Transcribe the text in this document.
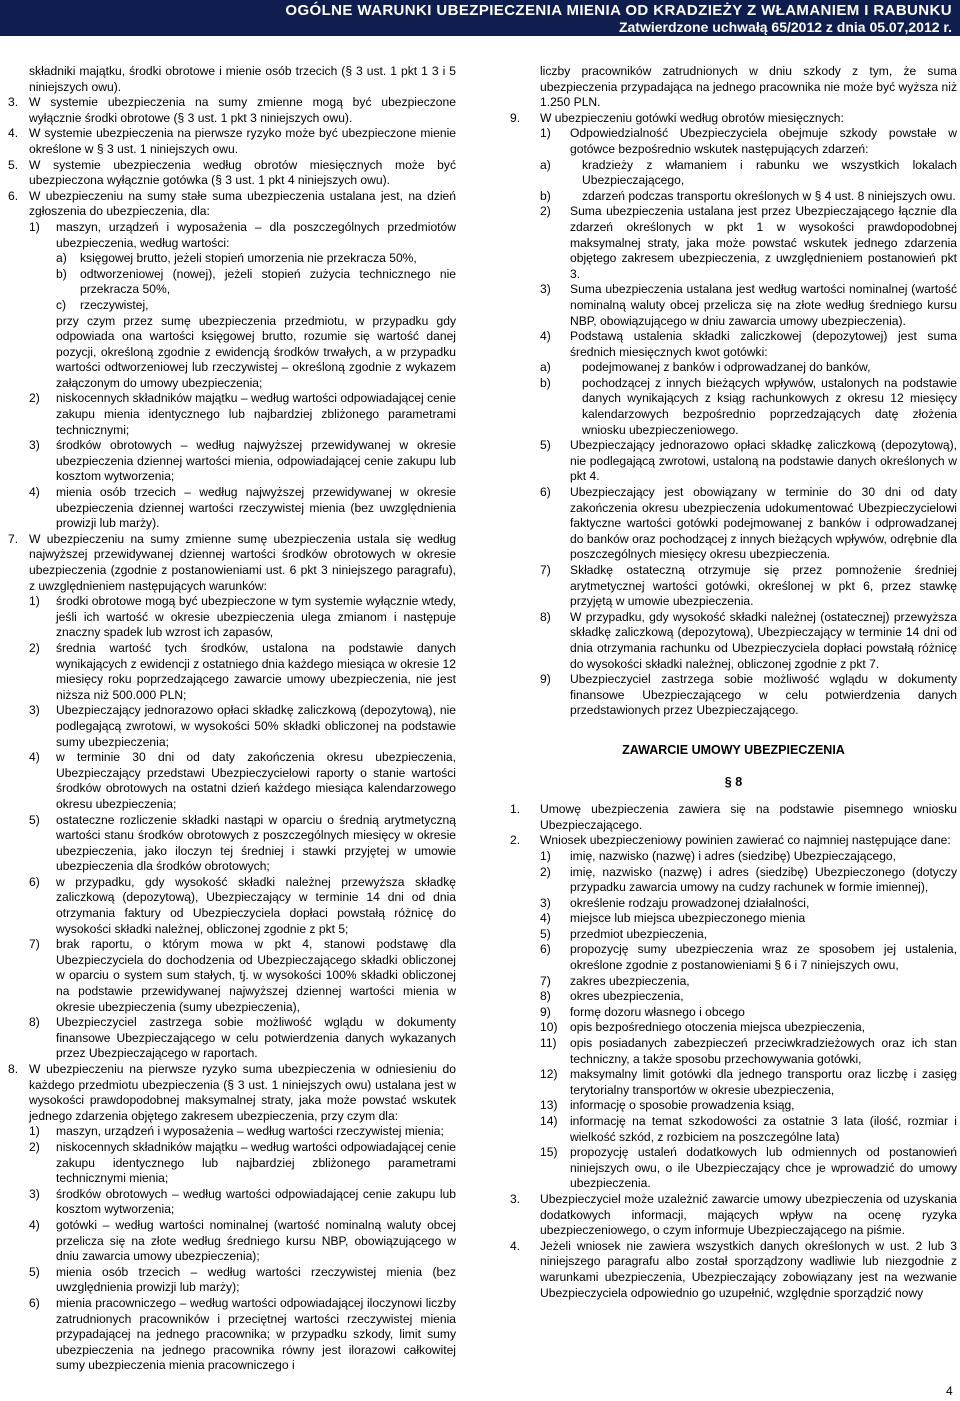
OGÓLNE WARUNKI UBEZPIECZENIA MIENIA OD KRADZIEŻY Z WŁAMANIEM I RABUNKU
Zatwierdzone uchwałą 65/2012 z dnia 05.07,2012 r.

składniki majątku, środki obrotowe i mienie osób trzecich (§ 3 ust. 1 pkt 1 3 i 5 niniejszych owu).

3. W systemie ubezpieczenia na sumy zmienne mogą być ubezpieczone wyłącznie środki obrotowe (§ 3 ust. 1 pkt 3 niniejszych owu).

4. W systemie ubezpieczenia na pierwsze ryzyko może być ubezpieczone mienie określone w § 3 ust. 1 niniejszych owu.

5. W systemie ubezpieczenia według obrotów miesięcznych może być ubezpieczona wyłącznie gotówka (§ 3 ust. 1 pkt 4 niniejszych owu).

6. W ubezpieczeniu na sumy stałe suma ubezpieczenia ustalana jest, na dzień zgłoszenia do ubezpieczenia, dla:

1) maszyn, urządzeń i wyposażenia – dla poszczególnych przedmiotów ubezpieczenia, według wartości:

a) księgowej brutto, jeżeli stopień umorzenia nie przekracza 50%,

b) odtworzeniowej (nowej), jeżeli stopień zużycia technicznego nie przekracza 50%,

c) rzeczywistej,

przy czym przez sumę ubezpieczenia przedmiotu, w przypadku gdy odpowiada ona wartości księgowej brutto, rozumie się wartość danej pozycji, określoną zgodnie z ewidencją środków trwałych, a w przypadku wartości odtworzeniowej lub rzeczywistej – określoną zgodnie z wykazem załączonym do umowy ubezpieczenia;

2) niskocennych składników majątku – według wartości odpowiadającej cenie zakupu mienia identycznego lub najbardziej zbliżonego parametrami technicznymi;

3) środków obrotowych – według najwyższej przewidywanej w okresie ubezpieczenia dziennej wartości mienia, odpowiadającej cenie zakupu lub kosztom wytworzenia;

4) mienia osób trzecich – według najwyższej przewidywanej w okresie ubezpieczenia dziennej wartości rzeczywistej mienia (bez uwzględnienia prowizji lub marży).

7. W ubezpieczeniu na sumy zmienne sumę ubezpieczenia ustala się według najwyższej przewidywanej dziennej wartości środków obrotowych w okresie ubezpieczenia (zgodnie z postanowieniami ust. 6 pkt 3 niniejszego paragrafu), z uwzględnieniem następujących warunków:

1) środki obrotowe mogą być ubezpieczone w tym systemie wyłącznie wtedy, jeśli ich wartość w okresie ubezpieczenia ulega zmianom i następuje znaczny spadek lub wzrost ich zapasów,

2) średnia wartość tych środków, ustalona na podstawie danych wynikających z ewidencji z ostatniego dnia każdego miesiąca w okresie 12 miesięcy roku poprzedzającego zawarcie umowy ubezpieczenia, nie jest niższa niż 500.000 PLN;

3) Ubezpieczający jednorazowo opłaci składkę zaliczkową (depozytową), nie podlegającą zwrotowi, w wysokości 50% składki obliczonej na podstawie sumy ubezpieczenia;

4) w terminie 30 dni od daty zakończenia okresu ubezpieczenia, Ubezpieczający przedstawi Ubezpieczycielowi raporty o stanie wartości środków obrotowych na ostatni dzień każdego miesiąca kalendarzowego okresu ubezpieczenia;

5) ostateczne rozliczenie składki nastąpi w oparciu o średnią arytmetyczną wartości stanu środków obrotowych z poszczególnych miesięcy w okresie ubezpieczenia, jako iloczyn tej średniej i stawki przyjętej w umowie ubezpieczenia dla środków obrotowych;

6) w przypadku, gdy wysokość składki należnej przewyższa składkę zaliczkową (depozytową), Ubezpieczający w terminie 14 dni od dnia otrzymania faktury od Ubezpieczyciela dopłaci powstałą różnicę do wysokości składki należnej, obliczonej zgodnie z pkt 5;

7) brak raportu, o którym mowa w pkt 4, stanowi podstawę dla Ubezpieczyciela do dochodzenia od Ubezpieczającego składki obliczonej w oparciu o system sum stałych, tj. w wysokości 100% składki obliczonej na podstawie przewidywanej najwyższej dziennej wartości mienia w okresie ubezpieczenia (sumy ubezpieczenia),

8) Ubezpieczyciel zastrzega sobie możliwość wglądu w dokumenty finansowe Ubezpieczającego w celu potwierdzenia danych wykazanych przez Ubezpieczającego w raportach.

8. W ubezpieczeniu na pierwsze ryzyko suma ubezpieczenia w odniesieniu do każdego przedmiotu ubezpieczenia (§ 3 ust. 1 niniejszych owu) ustalana jest w wysokości prawdopodobnej maksymalnej straty, jaka może powstać wskutek jednego zdarzenia objętego zakresem ubezpieczenia, przy czym dla:

1) maszyn, urządzeń i wyposażenia – według wartości rzeczywistej mienia;

2) niskocennych składników majątku – według wartości odpowiadającej cenie zakupu identycznego lub najbardziej zbliżonego parametrami technicznymi mienia;

3) środków obrotowych – według wartości odpowiadającej cenie zakupu lub kosztom wytworzenia;

4) gotówki – według wartości nominalnej (wartość nominalną waluty obcej przelicza się na złote według średniego kursu NBP, obowiązującego w dniu zawarcia umowy ubezpieczenia);

5) mienia osób trzecich – według wartości rzeczywistej mienia (bez uwzględnienia prowizji lub marży);

6) mienia pracowniczego – według wartości odpowiadającej iloczynowi liczby zatrudnionych pracowników i przeciętnej wartości rzeczywistej mienia przypadającej na jednego pracownika; w przypadku szkody, limit sumy ubezpieczenia na jednego pracownika równy jest ilorazowi całkowitej sumy ubezpieczenia mienia pracowniczego i

liczby pracowników zatrudnionych w dniu szkody z tym, że suma ubezpieczenia przypadająca na jednego pracownika nie może być wyższa niż 1.250 PLN.

9. W ubezpieczeniu gotówki według obrotów miesięcznych:

1) Odpowiedzialność Ubezpieczyciela obejmuje szkody powstałe w gotówce bezpośrednio wskutek następujących zdarzeń:

a)	kradzieży z włamaniem i rabunku we wszystkich lokalach Ubezpieczającego,

b)	zdarzeń podczas transportu określonych w § 4 ust. 8 niniejszych owu.

2) Suma ubezpieczenia ustalana jest przez Ubezpieczającego łącznie dla zdarzeń określonych w pkt 1 w wysokości prawdopodobnej maksymalnej straty, jaka może powstać wskutek jednego zdarzenia objętego zakresem ubezpieczenia, z uwzględnieniem postanowień pkt 3.

3) Suma ubezpieczenia ustalana jest według wartości nominalnej (wartość nominalną waluty obcej przelicza się na złote według średniego kursu NBP, obowiązującego w dniu zawarcia umowy ubezpieczenia).

4) Podstawą ustalenia składki zaliczkowej (depozytowej) jest suma średnich miesięcznych kwot gotówki:

a)	podejmowanej z banków i odprowadzanej do banków,

b)	pochodzącej z innych bieżących wpływów, ustalonych na podstawie danych wynikających z ksiąg rachunkowych z okresu 12 miesięcy kalendarzowych bezpośrednio poprzedzających datę złożenia wniosku ubezpieczeniowego.

5) Ubezpieczający jednorazowo opłaci składkę zaliczkową (depozytową), nie podlegającą zwrotowi, ustaloną na podstawie danych określonych w pkt 4.

6) Ubezpieczający jest obowiązany w terminie do 30 dni od daty zakończenia okresu ubezpieczenia udokumentować Ubezpieczycielowi faktyczne wartości gotówki podejmowanej z banków i odprowadzanej do banków oraz pochodzącej z innych bieżących wpływów, odrębnie dla poszczególnych miesięcy okresu ubezpieczenia.

7) Składkę ostateczną otrzymuje się przez pomnożenie średniej arytmetycznej wartości gotówki, określonej w pkt 6, przez stawkę przyjętą w umowie ubezpieczenia.

8) W przypadku, gdy wysokość składki należnej (ostatecznej) przewyższa składkę zaliczkową (depozytową), Ubezpieczający w terminie 14 dni od dnia otrzymania rachunku od Ubezpieczyciela dopłaci powstałą różnicę do wysokości składki należnej, obliczonej zgodnie z pkt 7.

9) Ubezpieczyciel zastrzega sobie możliwość wglądu w dokumenty finansowe Ubezpieczającego w celu potwierdzenia danych przedstawionych przez Ubezpieczającego.

ZAWARCIE UMOWY UBEZPIECZENIA

§ 8

1. Umowę ubezpieczenia zawiera się na podstawie pisemnego wniosku Ubezpieczającego.

2. Wniosek ubezpieczeniowy powinien zawierać co najmniej następujące dane:

1) imię, nazwisko (nazwę) i adres (siedzibę) Ubezpieczającego,

2) imię, nazwisko (nazwę) i adres (siedzibę) Ubezpieczonego (dotyczy przypadku zawarcia umowy na cudzy rachunek w formie imiennej),

3) określenie rodzaju prowadzonej działalności,

4) miejsce lub miejsca ubezpieczonego mienia

5) przedmiot ubezpieczenia,

6) propozycję sumy ubezpieczenia wraz ze sposobem jej ustalenia, określone zgodnie z postanowieniami § 6 i 7 niniejszych owu,

7) zakres ubezpieczenia,

8) okres ubezpieczenia,

9) formę dozoru własnego i obcego

10) opis bezpośredniego otoczenia miejsca ubezpieczenia,

11) opis posiadanych zabezpieczeń przeciwkradzieżowych oraz ich stan techniczny, a także sposobu przechowywania gotówki,

12) maksymalny limit gotówki dla jednego transportu oraz liczbę i zasięg terytorialny transportów w okresie ubezpieczenia,

13) informację o sposobie prowadzenia ksiąg,

14) informację na temat szkodowości za ostatnie 3 lata (ilość, rozmiar i wielkość szkód, z rozbiciem na poszczególne lata)

15) propozycję ustaleń dodatkowych lub odmiennych od postanowień niniejszych owu, o ile Ubezpieczający chce je wprowadzić do umowy ubezpieczenia.

3. Ubezpieczyciel może uzależnić zawarcie umowy ubezpieczenia od uzyskania dodatkowych informacji, mających wpływ na ocenę ryzyka ubezpieczeniowego, o czym informuje Ubezpieczającego na piśmie.

4. Jeżeli wniosek nie zawiera wszystkich danych określonych w ust. 2 lub 3 niniejszego paragrafu albo został sporządzony wadliwie lub niezgodnie z warunkami ubezpieczenia, Ubezpieczający zobowiązany jest na wezwanie Ubezpieczyciela odpowiednio go uzupełnić, względnie sporządzić nowy

4
